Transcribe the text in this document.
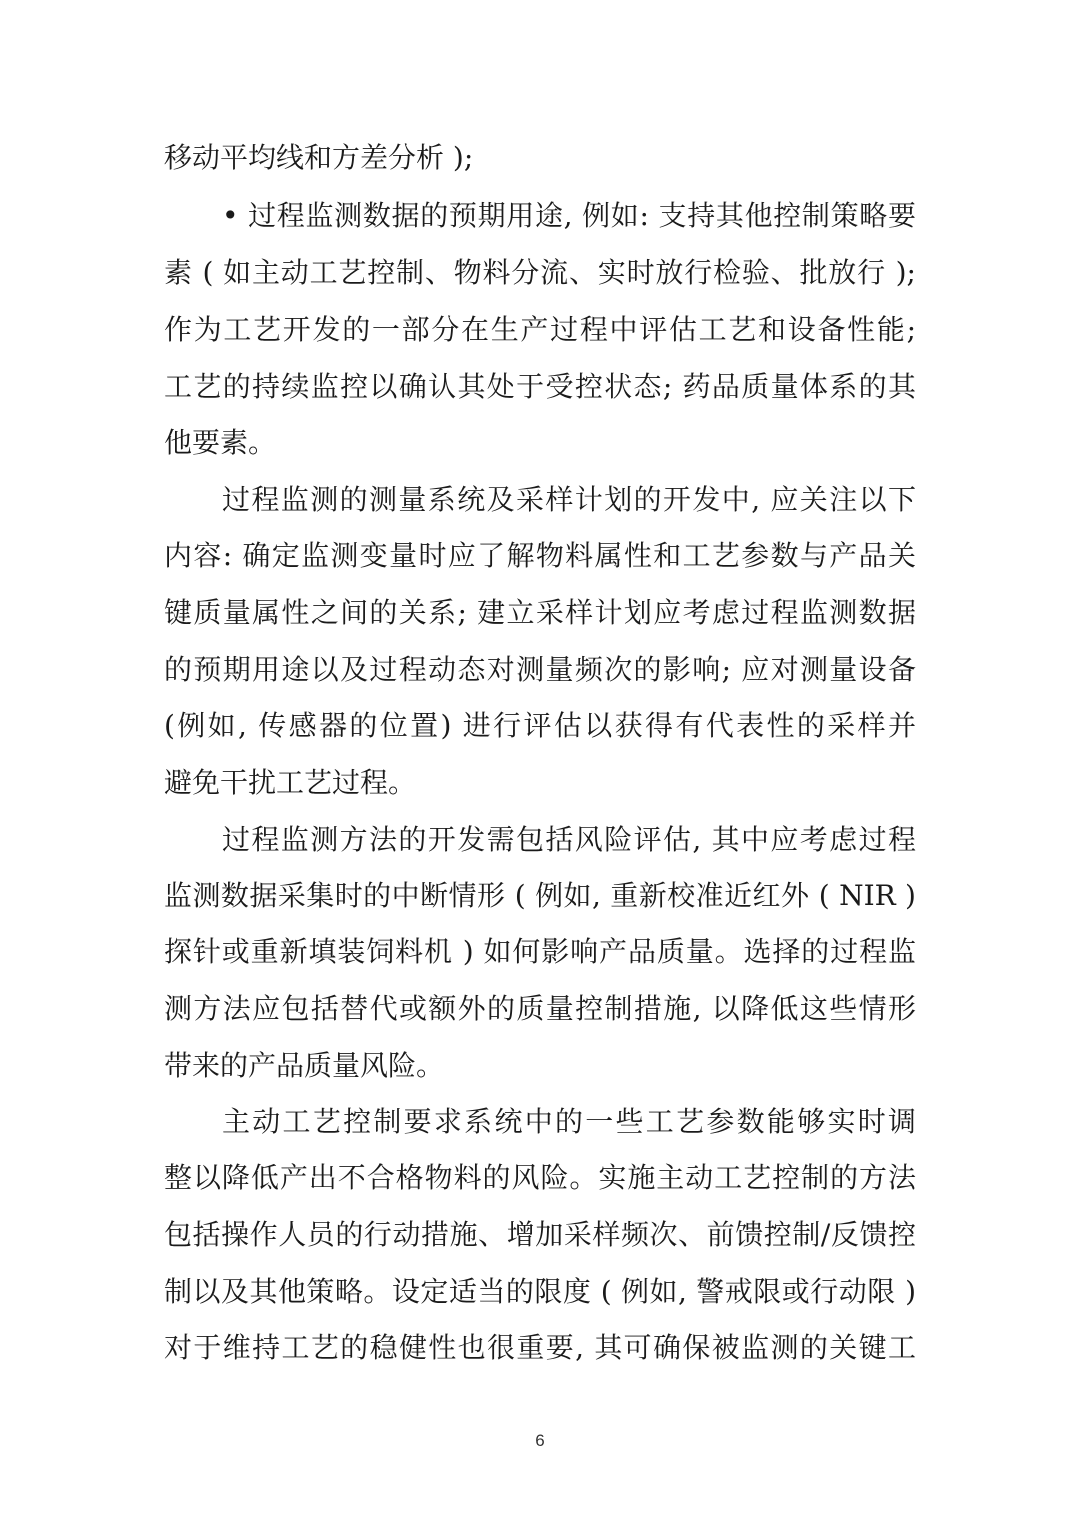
移动平均线和方差分析 );
• 过程监测数据的预期用途, 例如: 支持其他控制策略要
素 ( 如主动工艺控制、物料分流、实时放行检验、批放行 );
作为工艺开发的一部分在生产过程中评估工艺和设备性能;
工艺的持续监控以确认其处于受控状态; 药品质量体系的其
他要素。
过程监测的测量系统及采样计划的开发中, 应关注以下
内容: 确定监测变量时应了解物料属性和工艺参数与产品关
键质量属性之间的关系; 建立采样计划应考虑过程监测数据
的预期用途以及过程动态对测量频次的影响; 应对测量设备
(例如, 传感器的位置) 进行评估以获得有代表性的采样并
避免干扰工艺过程。
过程监测方法的开发需包括风险评估, 其中应考虑过程
监测数据采集时的中断情形 ( 例如, 重新校准近红外 ( NIR )
探针或重新填装饲料机 ) 如何影响产品质量。选择的过程监
测方法应包括替代或额外的质量控制措施, 以降低这些情形
带来的产品质量风险。
主动工艺控制要求系统中的一些工艺参数能够实时调
整以降低产出不合格物料的风险。实施主动工艺控制的方法
包括操作人员的行动措施、增加采样频次、前馈控制/反馈控
制以及其他策略。设定适当的限度 ( 例如, 警戒限或行动限 )
对于维持工艺的稳健性也很重要, 其可确保被监测的关键工
6
